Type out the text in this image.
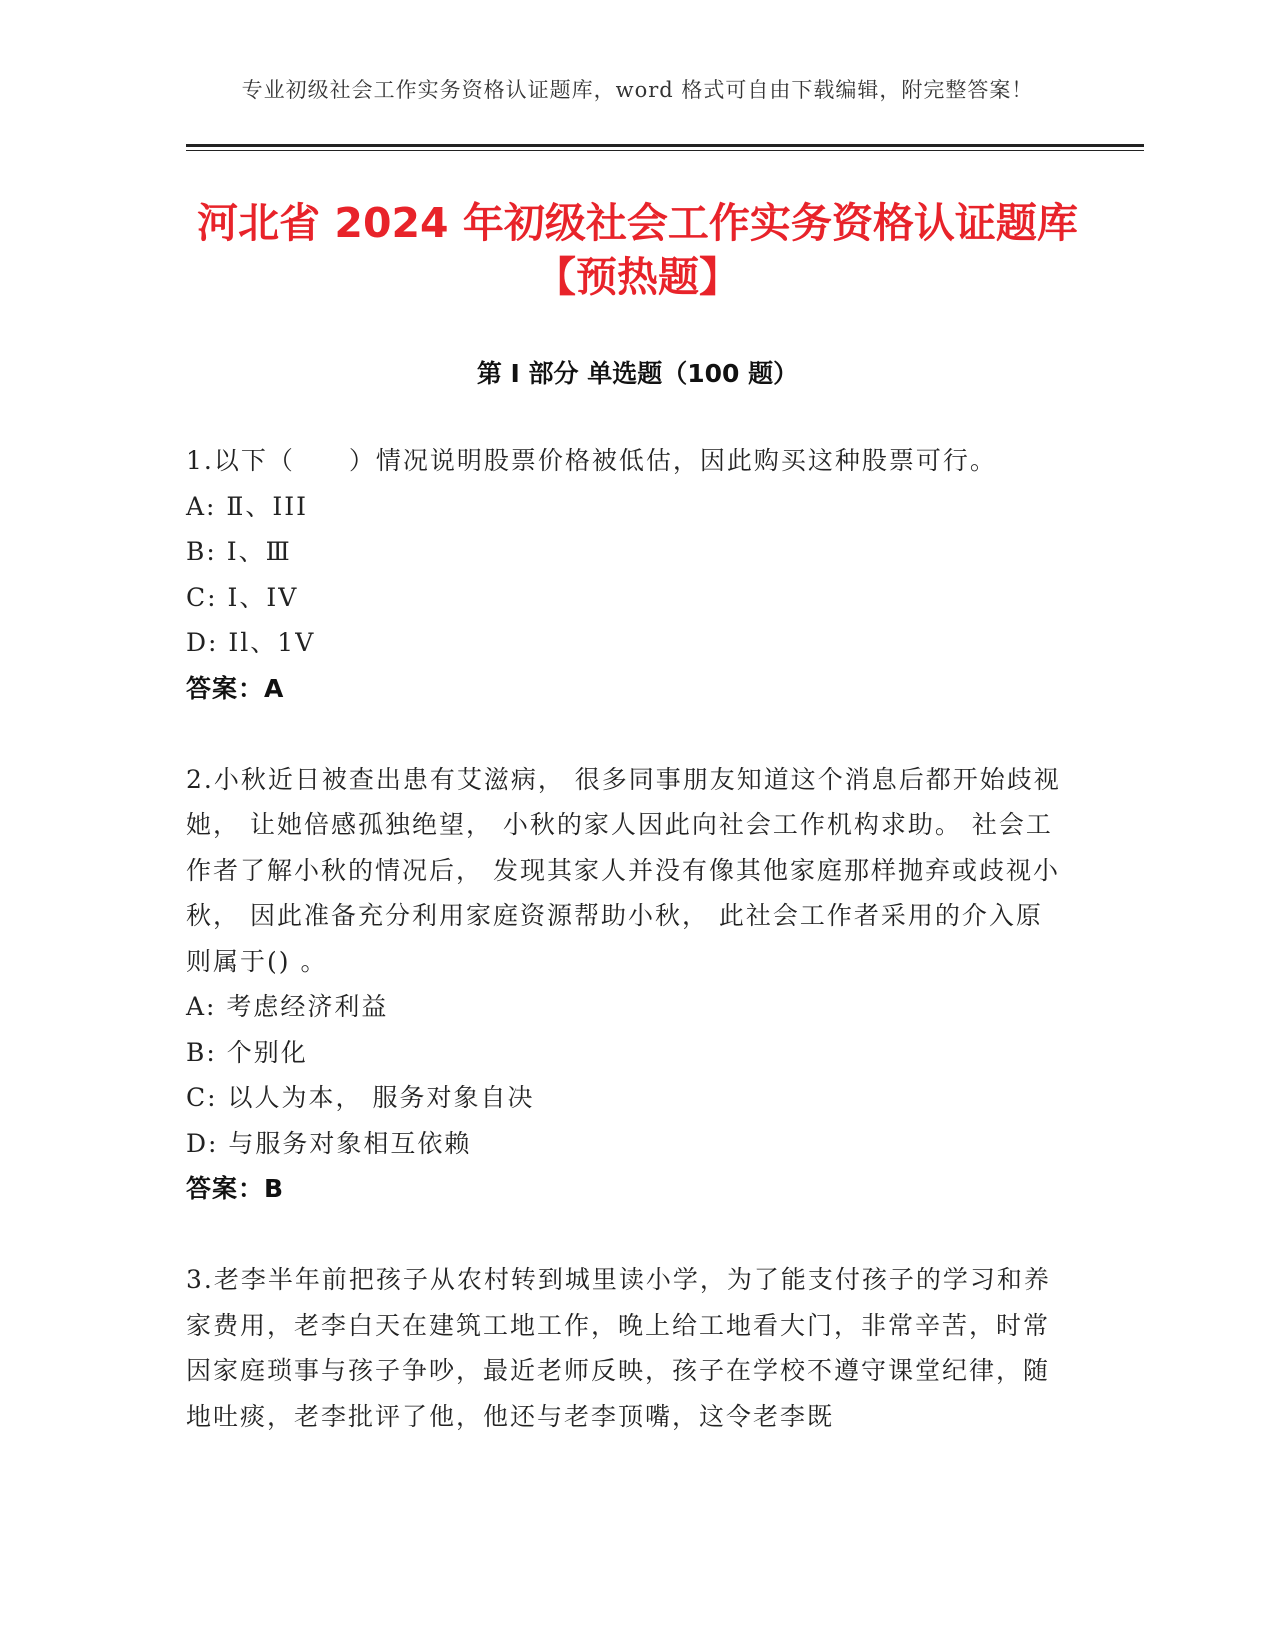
专业初级社会工作实务资格认证题库，word 格式可自由下载编辑，附完整答案！
河北省 2024 年初级社会工作实务资格认证题库【预热题】
第 I 部分 单选题（100 题）

1.以下（　　）情况说明股票价格被低估，因此购买这种股票可行。

A: Ⅱ、III

B: I、Ⅲ

C: I、IV

D: Il、1V

答案：A

2.小秋近日被查出患有艾滋病， 很多同事朋友知道这个消息后都开始歧视她， 让她倍感孤独绝望， 小秋的家人因此向社会工作机构求助。 社会工作者了解小秋的情况后， 发现其家人并没有像其他家庭那样抛弃或歧视小秋， 因此准备充分利用家庭资源帮助小秋， 此社会工作者采用的介入原则属于() 。

A: 考虑经济利益

B: 个别化

C: 以人为本， 服务对象自决

D: 与服务对象相互依赖

答案：B

3.老李半年前把孩子从农村转到城里读小学，为了能支付孩子的学习和养家费用，老李白天在建筑工地工作，晚上给工地看大门，非常辛苦，时常因家庭琐事与孩子争吵，最近老师反映，孩子在学校不遵守课堂纪律，随地吐痰，老李批评了他，他还与老李顶嘴，这令老李既
